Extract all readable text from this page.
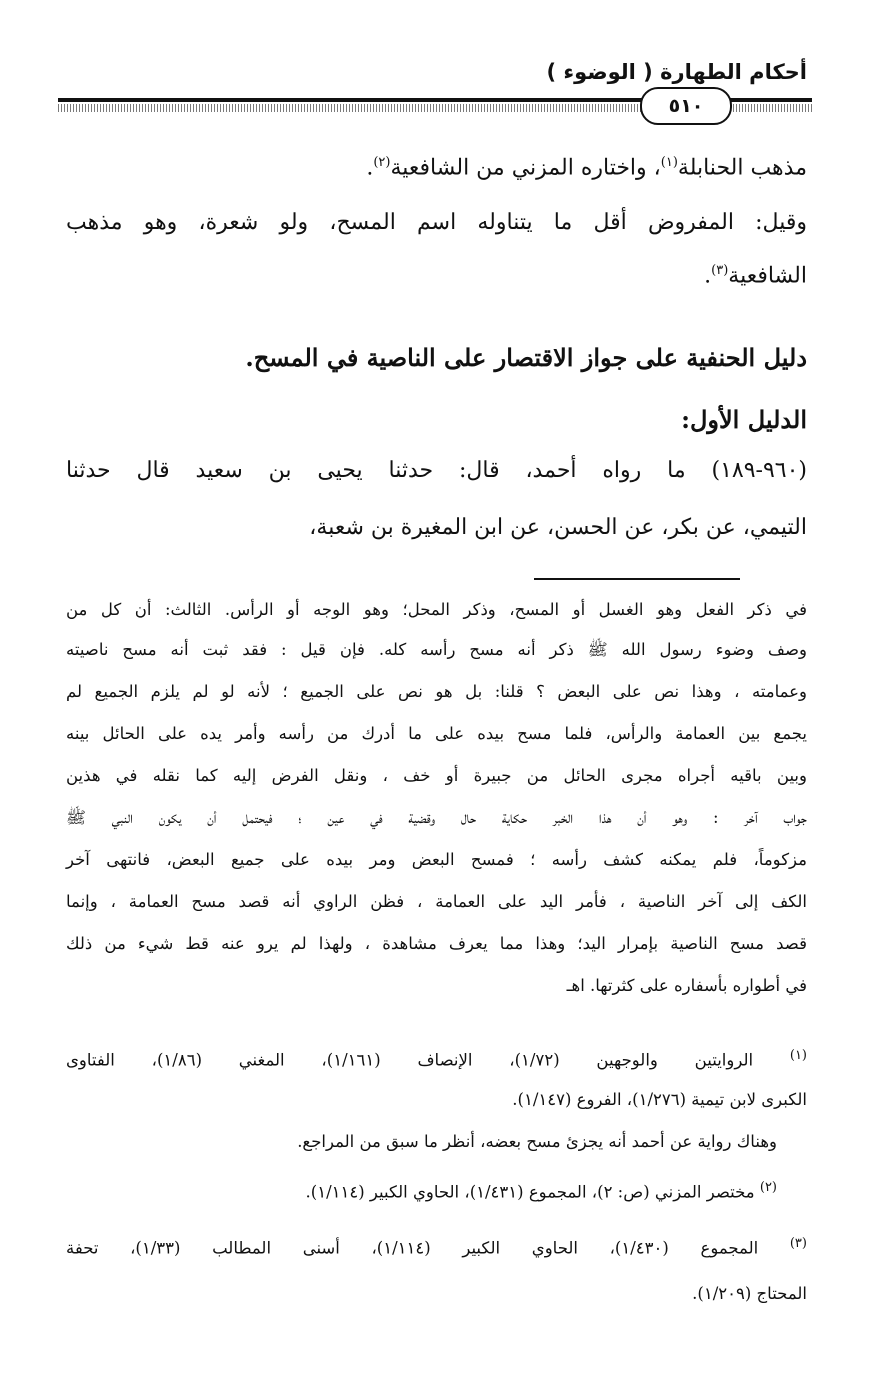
أحكام الطهارة ( الوضوء )
٥١٠
مذهب الحنابلة$^{(١)}$، واختاره المزني من الشافعية$^{(٢)}$.
وقيل: المفروض أقل ما يتناوله اسم المسح، ولو شعرة، وهو مذهب
الشافعية$^{(٣)}$.
دليل الحنفية على جواز الاقتصار على الناصية في المسح.
الدليل الأول:
(٩٦٠-١٨٩) ما رواه أحمد، قال: حدثنا يحيى بن سعيد قال حدثنا
التيمي، عن بكر، عن الحسن، عن ابن المغيرة بن شعبة،
في ذكر الفعل وهو الغسل أو المسح، وذكر المحل؛ وهو الوجه أو الرأس. الثالث: أن كل من
وصف وضوء رسول الله ﷺ ذكر أنه مسح رأسه كله. فإن قيل : فقد ثبت أنه مسح ناصيته
وعمامته ، وهذا نص على البعض ؟ قلنا: بل هو نص على الجميع ؛ لأنه لو لم يلزم الجميع لم
يجمع بين العمامة والرأس، فلما مسح بيده على ما أدرك من رأسه وأمر يده على الحائل بينه
وبين باقيه أجراه مجرى الحائل من جبيرة أو خف ، ونقل الفرض إليه كما نقله في هذين
جواب آخر : وهو أن هذا الخبر حكاية حال وقضية في عين ؛ فيحتمل أن يكون النبي ﷺ
مزكوماً، فلم يمكنه كشف رأسه ؛ فمسح البعض ومر بيده على جميع البعض، فانتهى آخر
الكف إلى آخر الناصية ، فأمر اليد على العمامة ، فظن الراوي أنه قصد مسح العمامة ، وإنما
قصد مسح الناصية بإمرار اليد؛ وهذا مما يعرف مشاهدة ، ولهذا لم يرو عنه قط شيء من ذلك
في أطواره بأسفاره على كثرتها. اهـ
$^{(١)}$ الروايتين والوجهين (١/٧٢)، الإنصاف (١/١٦١)، المغني (١/٨٦)، الفتاوى
الكبرى لابن تيمية (١/٢٧٦)، الفروع (١/١٤٧).
وهناك رواية عن أحمد أنه يجزئ مسح بعضه، أنظر ما سبق من المراجع.
$^{(٢)}$ مختصر المزني (ص: ٢)، المجموع (١/٤٣١)، الحاوي الكبير (١/١١٤).
$^{(٣)}$ المجموع (١/٤٣٠)، الحاوي الكبير (١/١١٤)، أسنى المطالب (١/٣٣)، تحفة
المحتاج (١/٢٠٩).
